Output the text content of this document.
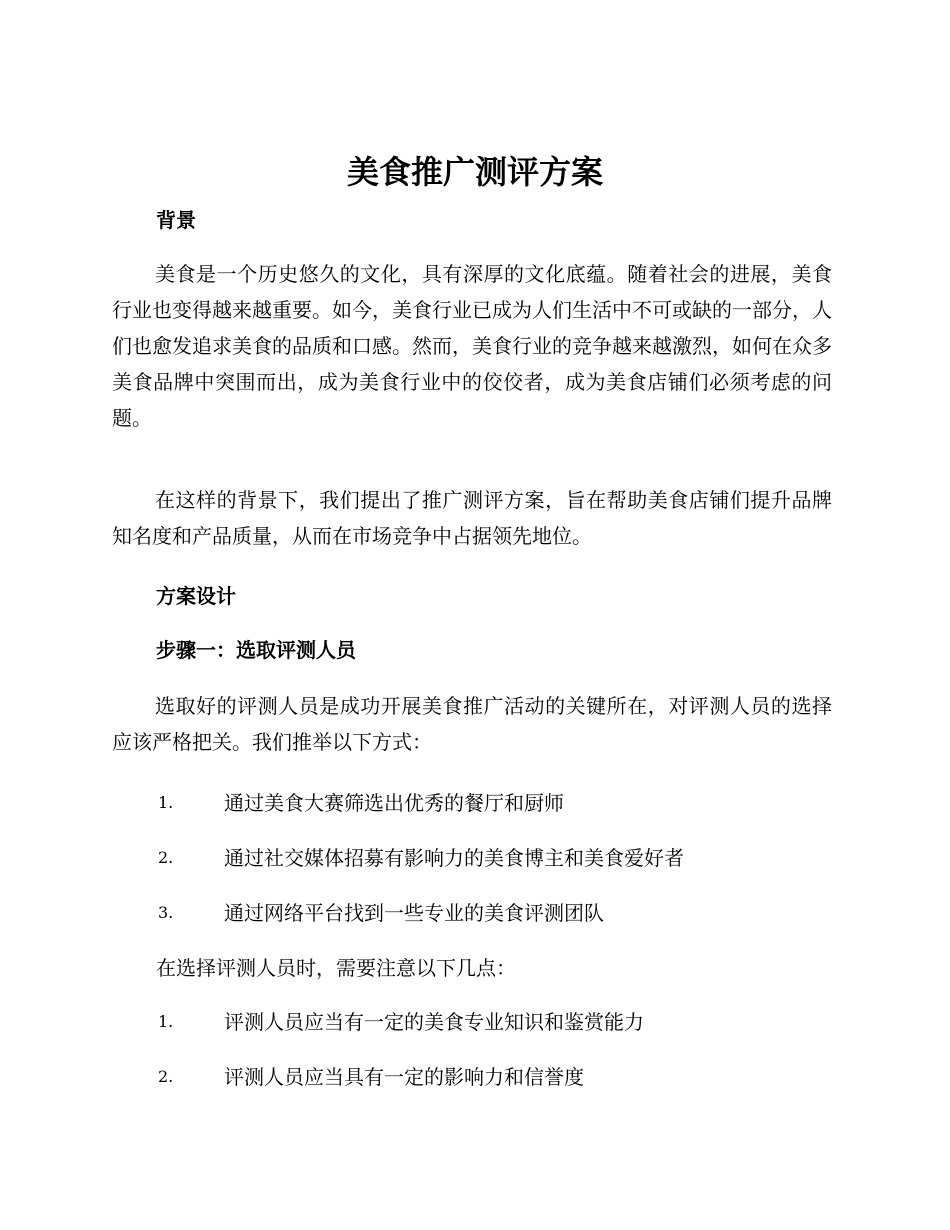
美食推广测评方案
背景

美食是一个历史悠久的文化，具有深厚的文化底蕴。随着社会的进展，美食行业也变得越来越重要。如今，美食行业已成为人们生活中不可或缺的一部分，人们也愈发追求美食的品质和口感。然而，美食行业的竞争越来越激烈，如何在众多美食品牌中突围而出，成为美食行业中的佼佼者，成为美食店铺们必须考虑的问题。

在这样的背景下，我们提出了推广测评方案，旨在帮助美食店铺们提升品牌知名度和产品质量，从而在市场竞争中占据领先地位。

方案设计
步骤一：选取评测人员

选取好的评测人员是成功开展美食推广活动的关键所在，对评测人员的选择应该严格把关。我们推举以下方式：

1.	通过美食大赛筛选出优秀的餐厅和厨师
2.	通过社交媒体招募有影响力的美食博主和美食爱好者
3.	通过网络平台找到一些专业的美食评测团队

在选择评测人员时，需要注意以下几点：

1.	评测人员应当有一定的美食专业知识和鉴赏能力
2.	评测人员应当具有一定的影响力和信誉度
